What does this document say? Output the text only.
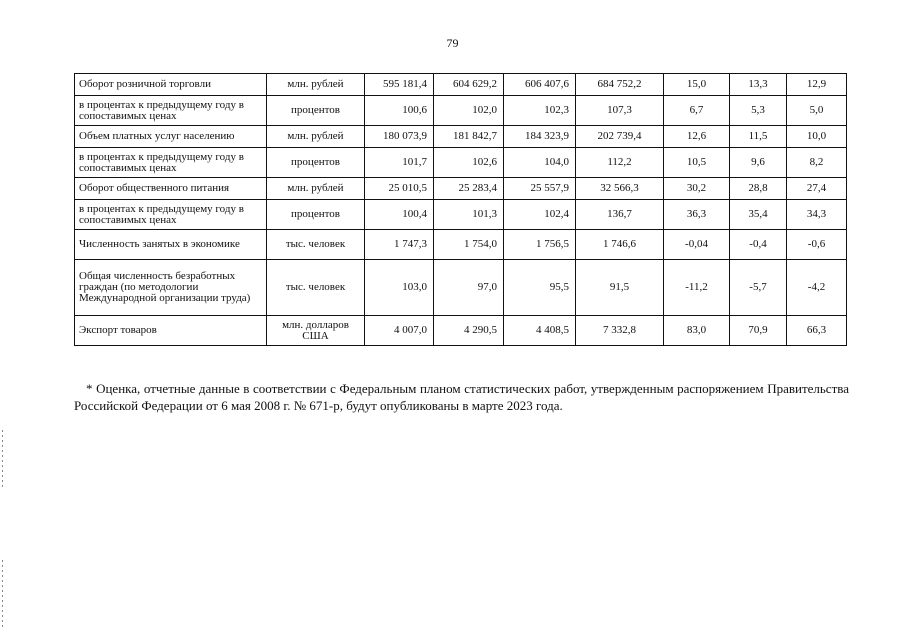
79
Оборот розничной торговли	млн. рублей	595 181,4	604 629,2	606 407,6	684 752,2	15,0	13,3	12,9
в процентах к предыдущему году в сопоставимых ценах	процентов	100,6	102,0	102,3	107,3	6,7	5,3	5,0
Объем платных услуг населению	млн. рублей	180 073,9	181 842,7	184 323,9	202 739,4	12,6	11,5	10,0
в процентах к предыдущему году в сопоставимых ценах	процентов	101,7	102,6	104,0	112,2	10,5	9,6	8,2
Оборот общественного питания	млн. рублей	25 010,5	25 283,4	25 557,9	32 566,3	30,2	28,8	27,4
в процентах к предыдущему году в сопоставимых ценах	процентов	100,4	101,3	102,4	136,7	36,3	35,4	34,3
Численность занятых в экономике	тыс. человек	1 747,3	1 754,0	1 756,5	1 746,6	-0,04	-0,4	-0,6
Общая численность безработных граждан (по методологии Международной организации труда)	тыс. человек	103,0	97,0	95,5	91,5	-11,2	-5,7	-4,2
Экспорт товаров	млн. долларов США	4 007,0	4 290,5	4 408,5	7 332,8	83,0	70,9	66,3
* Оценка, отчетные данные в соответствии с Федеральным планом статистических работ, утвержденным распоряжением Правительства Российской Федерации от 6 мая 2008 г. № 671-р, будут опубликованы в марте 2023 года.
